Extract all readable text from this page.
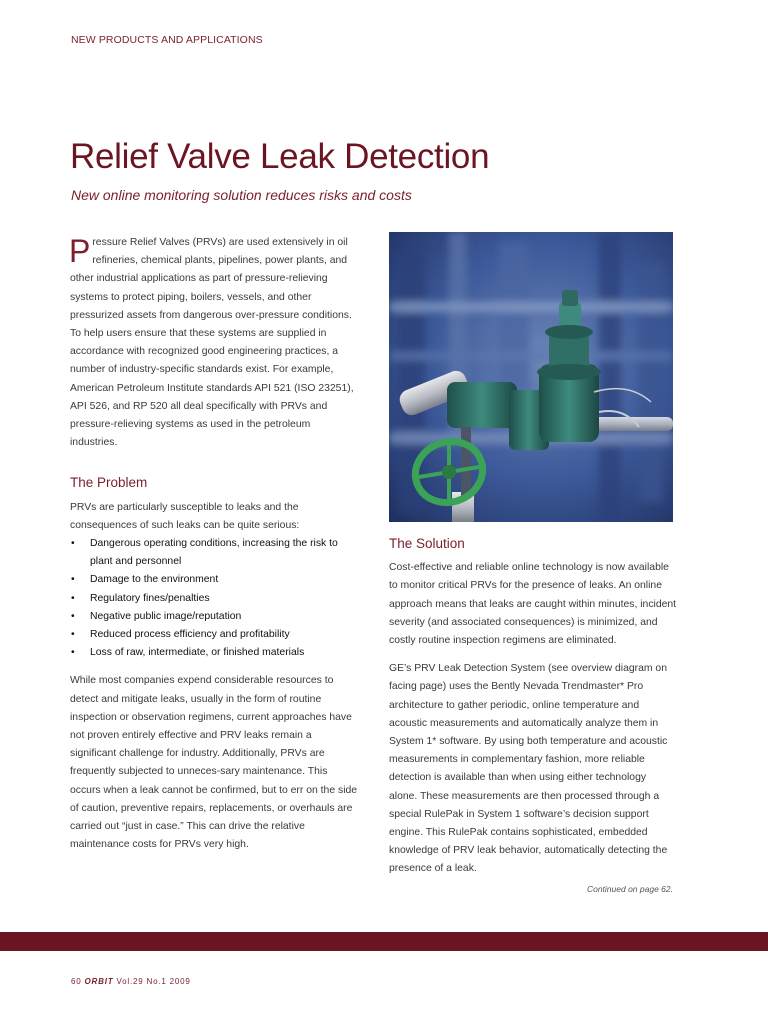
NEW PRODUCTS AND APPLICATIONS
Relief Valve Leak Detection

New online monitoring solution reduces risks and costs

Pressure Relief Valves (PRVs) are used extensively in oil refineries, chemical plants, pipelines, power plants, and other industrial applications as part of pressure-relieving systems to protect piping, boilers, vessels, and other pressurized assets from dangerous over-pressure conditions. To help users ensure that these systems are supplied in accordance with recognized good engineering practices, a number of industry-specific standards exist. For example, American Petroleum Institute standards API 521 (ISO 23251), API 526, and RP 520 all deal specifically with PRVs and pressure-relieving systems as used in the petroleum industries.

The Problem

PRVs are particularly susceptible to leaks and the consequences of such leaks can be quite serious:

• Dangerous operating conditions, increasing the risk to plant and personnel
• Damage to the environment
• Regulatory fines/penalties
• Negative public image/reputation
• Reduced process efficiency and profitability
• Loss of raw, intermediate, or finished materials

While most companies expend considerable resources to detect and mitigate leaks, usually in the form of routine inspection or observation regimens, current approaches have not proven entirely effective and PRV leaks remain a significant challenge for industry. Additionally, PRVs are frequently subjected to unneces-sary maintenance. This occurs when a leak cannot be confirmed, but to err on the side of caution, preventive repairs, replacements, or overhauls are carried out “just in case.” This can drive the relative maintenance costs for PRVs very high.

The Solution

Cost-effective and reliable online technology is now available to monitor critical PRVs for the presence of leaks. An online approach means that leaks are caught within minutes, incident severity (and associated consequences) is minimized, and costly routine inspection regimens are eliminated.

GE’s PRV Leak Detection System (see overview diagram on facing page) uses the Bently Nevada Trendmaster* Pro architecture to gather periodic, online temperature and acoustic measurements and automatically analyze them in System 1* software. By using both temperature and acoustic measurements in complementary fashion, more reliable detection is available than when using either technology alone. These measurements are then processed through a special RulePak in System 1 software’s decision support engine. This RulePak contains sophisticated, embedded knowledge of PRV leak behavior, automatically detecting the presence of a leak.

Continued on page 62.

60 ORBIT Vol.29 No.1 2009
